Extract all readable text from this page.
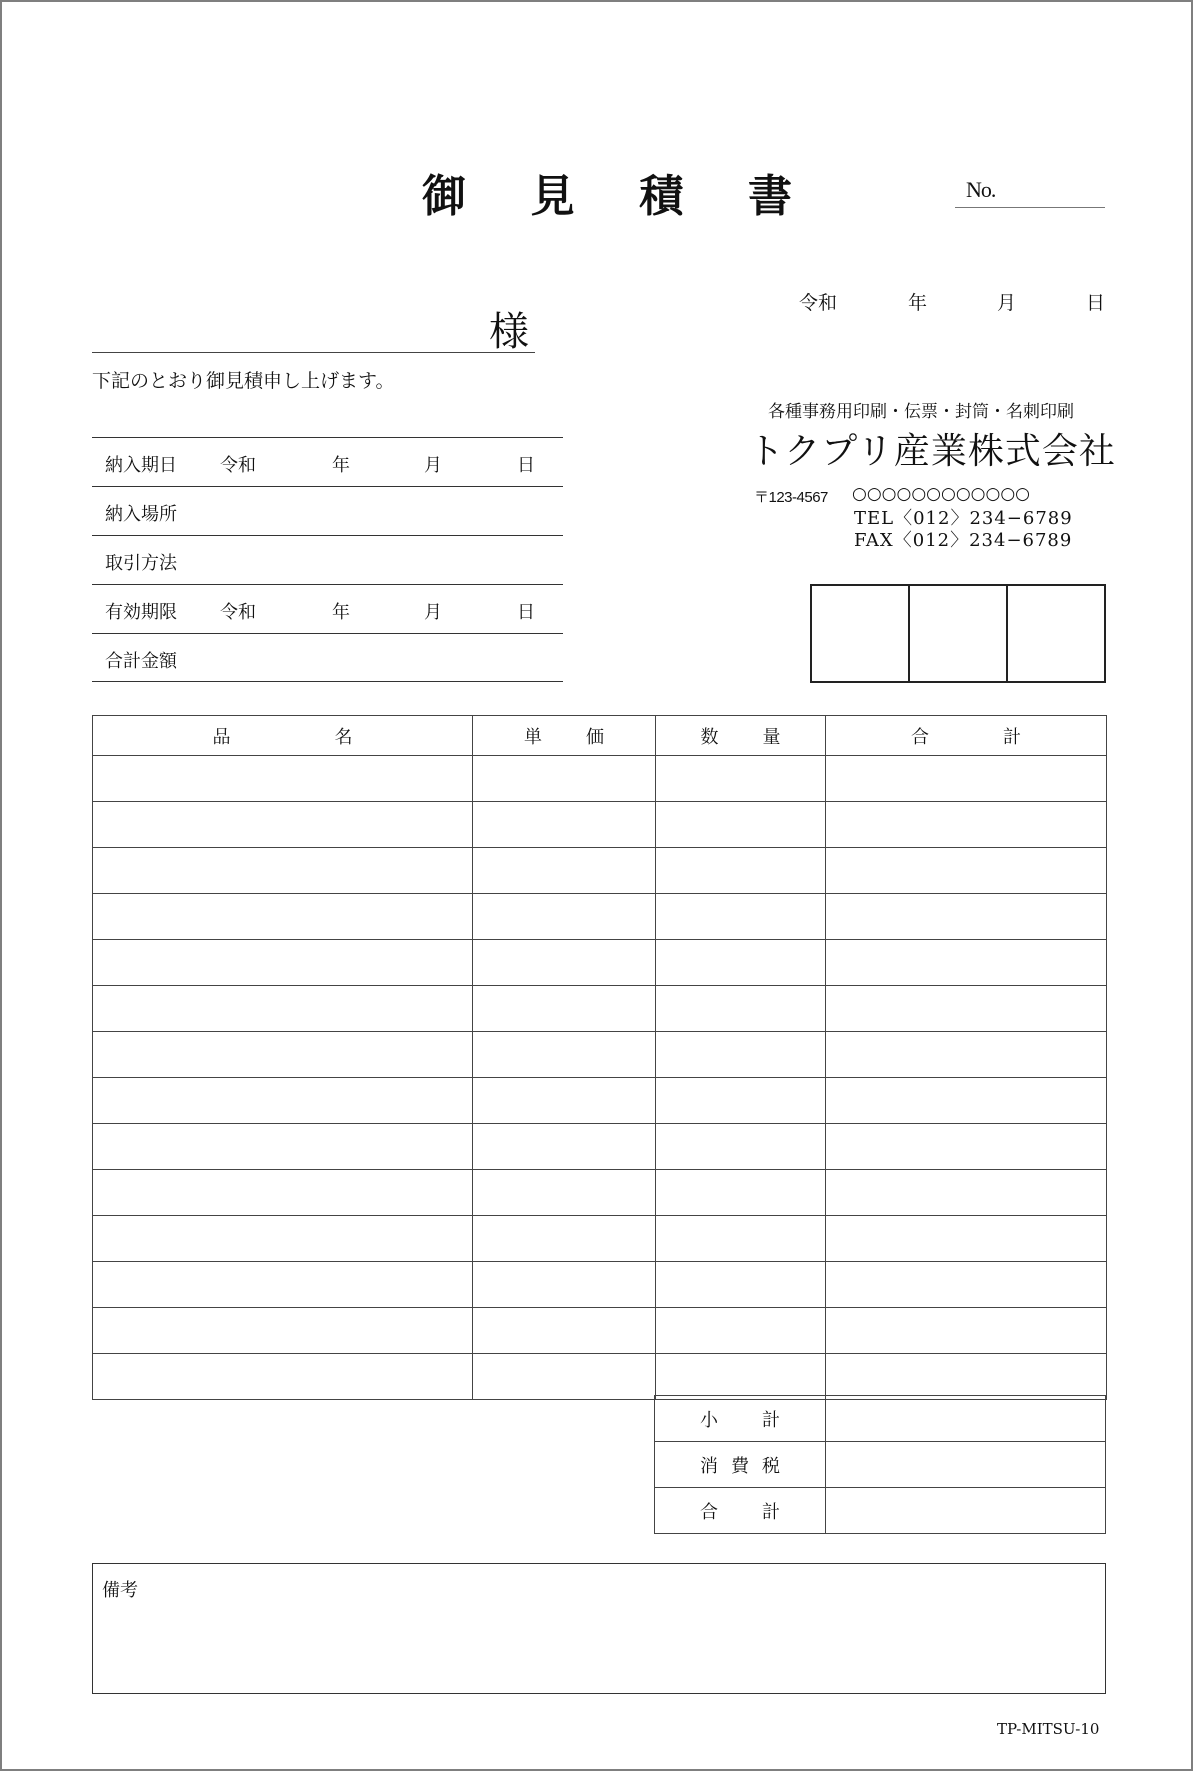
御 見 積 書	No.
令和	年	月	日
様
下記のとおり御見積申し上げます。
納入期日 令和	年	月	日
納入場所
取引方法
有効期限 令和	年	月	日
合計金額
各種事務用印刷・伝票・封筒・名刺印刷
トクプリ産業株式会社
〒123-4567 ○○○○○○○○○○○○
TEL〈012〉234−6789
FAX〈012〉234−6789
品 名	単 価	数 量	合 計

小 計	

消 費 税	

合 計	

備考
TP-MITSU-10
